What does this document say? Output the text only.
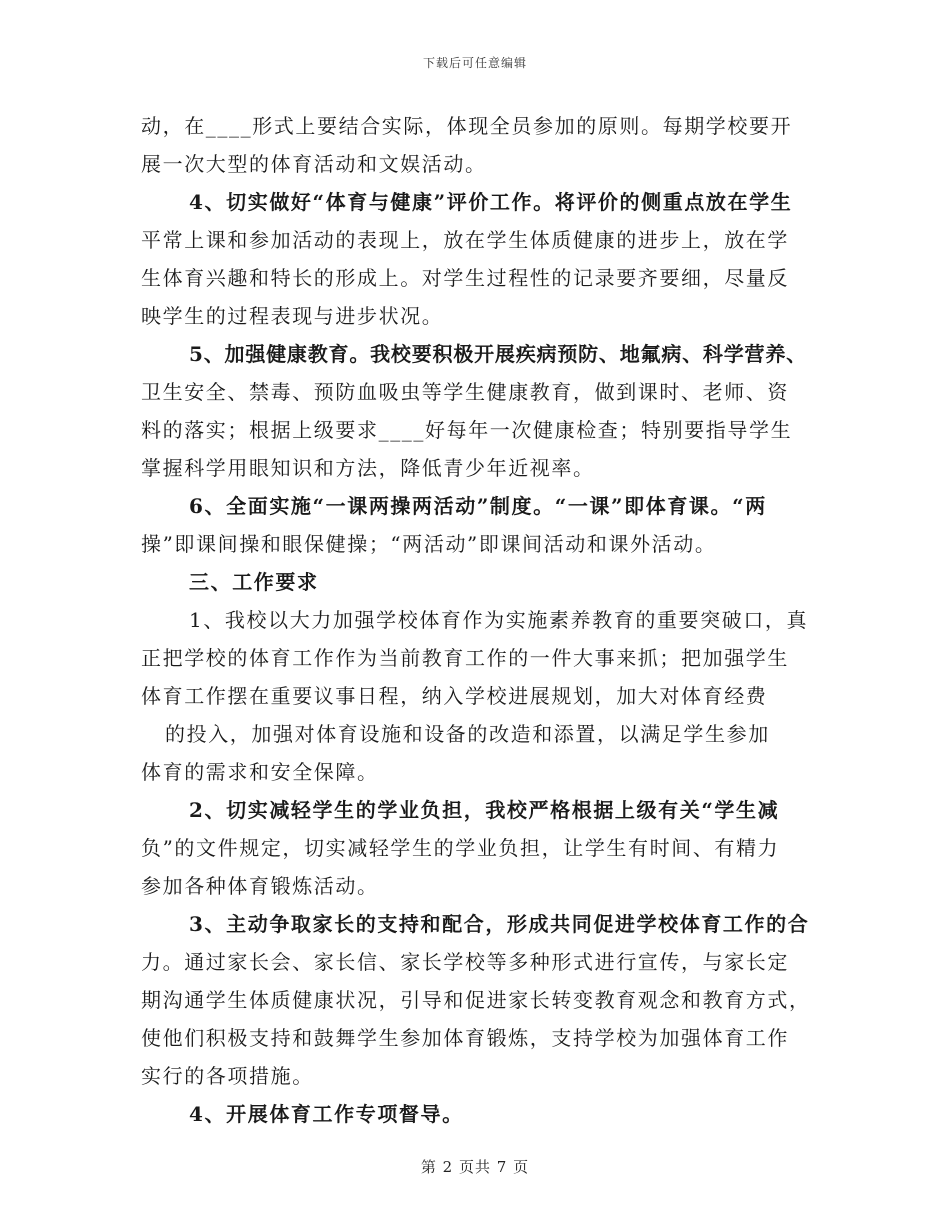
下载后可任意编辑
动，在____形式上要结合实际，体现全员参加的原则。每期学校要开
展一次大型的体育活动和文娱活动。
4、切实做好“体育与健康”评价工作。将评价的侧重点放在学生
平常上课和参加活动的表现上，放在学生体质健康的进步上，放在学
生体育兴趣和特长的形成上。对学生过程性的记录要齐要细，尽量反
映学生的过程表现与进步状况。
5、加强健康教育。我校要积极开展疾病预防、地氟病、科学营养、
卫生安全、禁毒、预防血吸虫等学生健康教育，做到课时、老师、资
料的落实；根据上级要求____好每年一次健康检查；特别要指导学生
掌握科学用眼知识和方法，降低青少年近视率。
6、全面实施“一课两操两活动”制度。“一课”即体育课。“两
操”即课间操和眼保健操；“两活动”即课间活动和课外活动。
三、工作要求
1、我校以大力加强学校体育作为实施素养教育的重要突破口，真
正把学校的体育工作作为当前教育工作的一件大事来抓；把加强学生
体育工作摆在重要议事日程，纳入学校进展规划，加大对体育经费
的投入，加强对体育设施和设备的改造和添置，以满足学生参加
体育的需求和安全保障。
2、切实减轻学生的学业负担，我校严格根据上级有关“学生减
负”的文件规定，切实减轻学生的学业负担，让学生有时间、有精力
参加各种体育锻炼活动。
3、主动争取家长的支持和配合，形成共同促进学校体育工作的合
力。通过家长会、家长信、家长学校等多种形式进行宣传，与家长定
期沟通学生体质健康状况，引导和促进家长转变教育观念和教育方式，
使他们积极支持和鼓舞学生参加体育锻炼，支持学校为加强体育工作
实行的各项措施。
4、开展体育工作专项督导。
第 2 页共 7 页
